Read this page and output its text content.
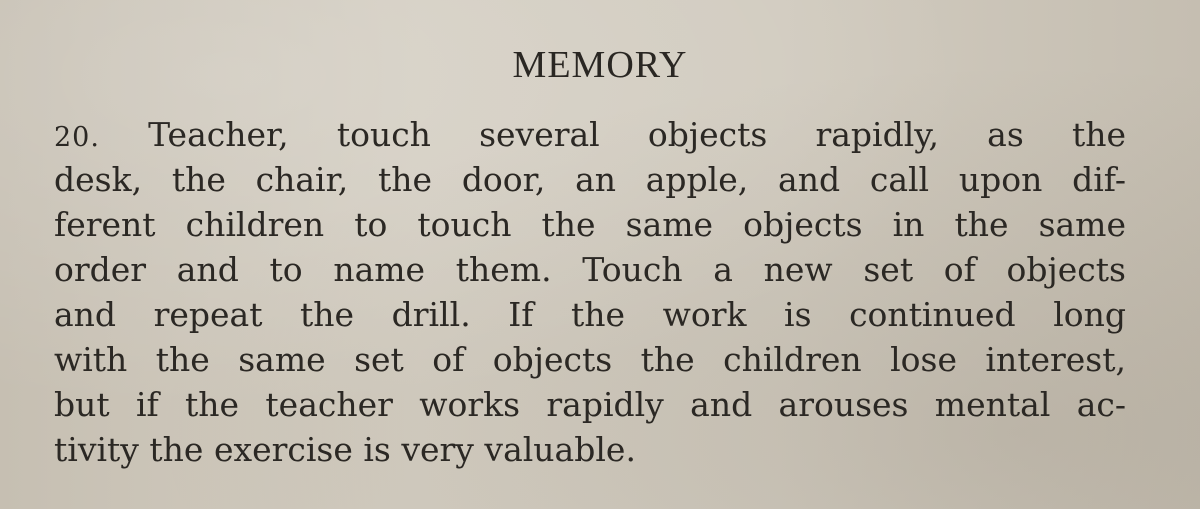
MEMORY
20. Teacher, touch several objects rapidly, as the
desk, the chair, the door, an apple, and call upon dif-
ferent children to touch the same objects in the same
order and to name them. Touch a new set of objects
and repeat the drill. If the work is continued long
with the same set of objects the children lose interest,
but if the teacher works rapidly and arouses mental ac-
tivity the exercise is very valuable.
